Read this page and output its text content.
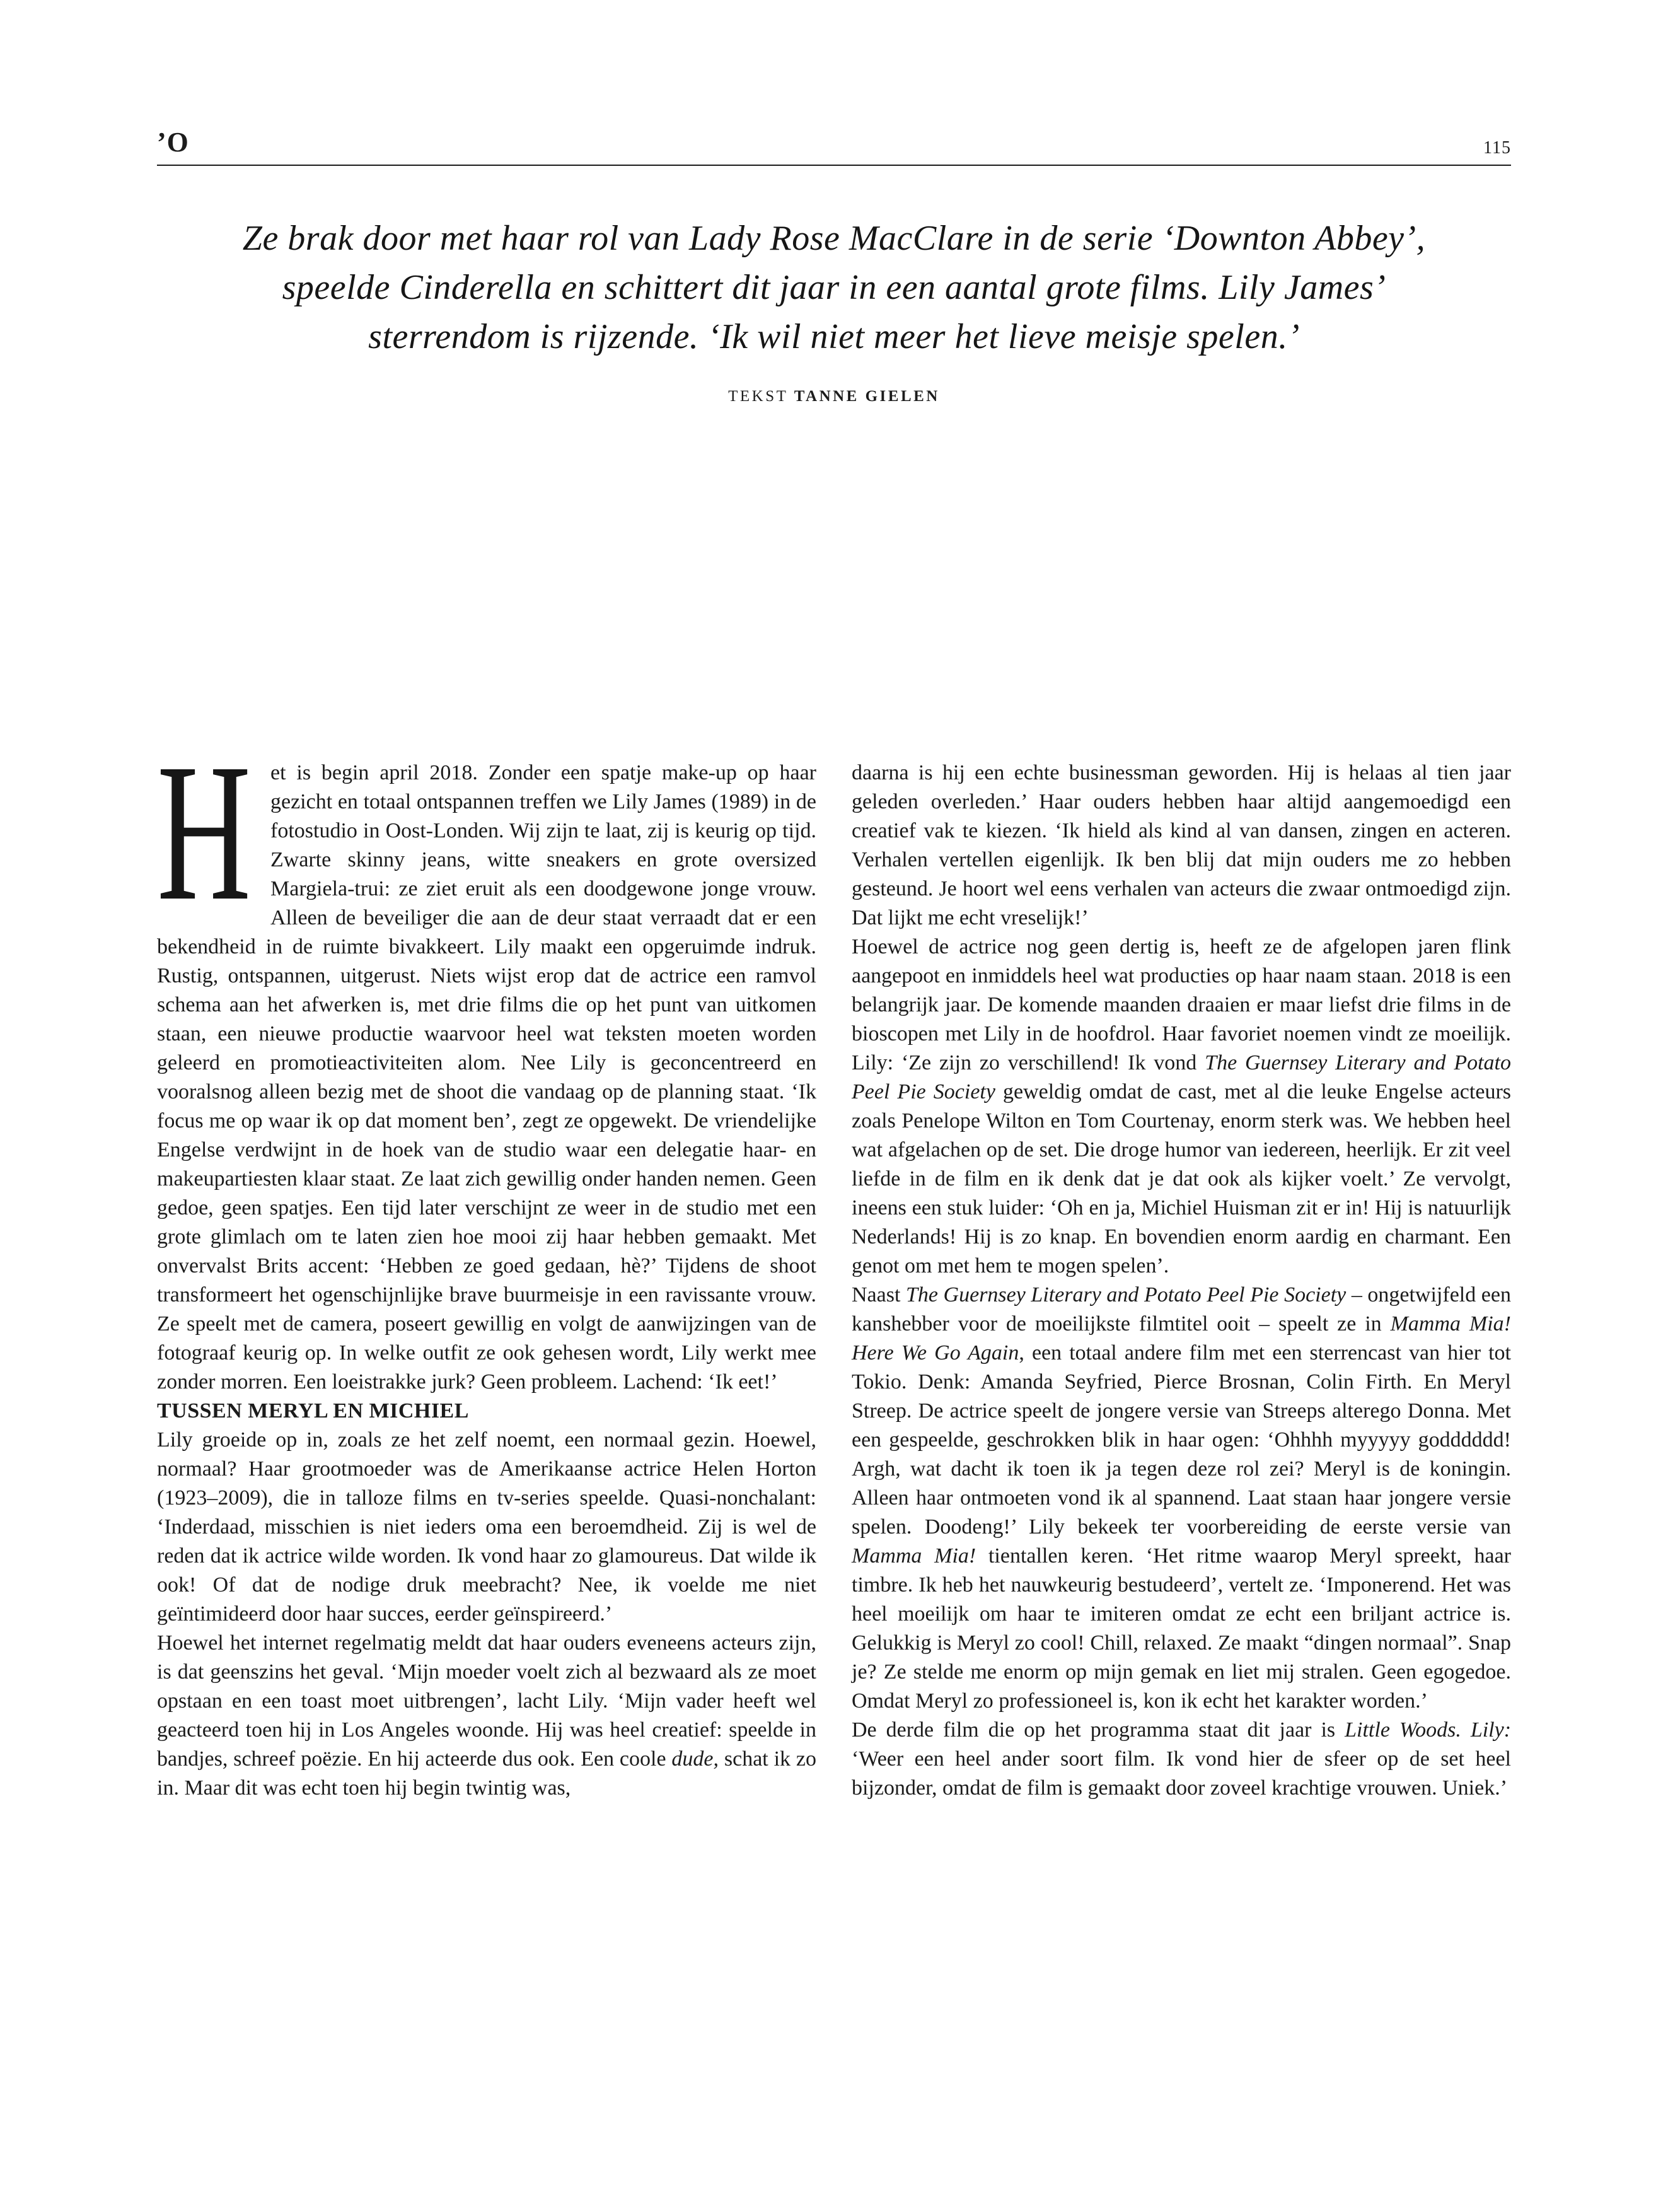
’O	115
Ze brak door met haar rol van Lady Rose MacClare in de serie ‘Downton Abbey’,
speelde Cinderella en schittert dit jaar in een aantal grote films. Lily James’
sterrendom is rijzende. ‘Ik wil niet meer het lieve meisje spelen.’
TEKST TANNE GIELEN

H et is begin april 2018. Zonder een spatje make-up op haar gezicht en totaal ontspannen treffen we Lily James (1989) in de fotostudio in Oost-Londen. Wij zijn te laat, zij is keurig op tijd. Zwarte skinny jeans, witte sneakers en grote oversized Margiela-trui: ze ziet eruit als een doodgewone jonge vrouw. Alleen de beveiliger die aan de deur staat verraadt dat er een bekendheid in de ruimte bivakkeert. Lily maakt een opgeruimde indruk. Rustig, ontspannen, uitgerust. Niets wijst erop dat de actrice een ramvol schema aan het afwerken is, met drie films die op het punt van uitkomen staan, een nieuwe productie waarvoor heel wat teksten moeten worden geleerd en promotieactiviteiten alom. Nee Lily is geconcentreerd en vooralsnog alleen bezig met de shoot die vandaag op de planning staat. ‘Ik focus me op waar ik op dat moment ben’, zegt ze opgewekt. De vriendelijke Engelse verdwijnt in de hoek van de studio waar een delegatie haar- en makeupartiesten klaar staat. Ze laat zich gewillig onder handen nemen. Geen gedoe, geen spatjes. Een tijd later verschijnt ze weer in de studio met een grote glimlach om te laten zien hoe mooi zij haar hebben gemaakt. Met onvervalst Brits accent: ‘Hebben ze goed gedaan, hè?’ Tijdens de shoot transformeert het ogenschijnlijke brave buurmeisje in een ravissante vrouw. Ze speelt met de camera, poseert gewillig en volgt de aanwijzingen van de fotograaf keurig op. In welke outfit ze ook gehesen wordt, Lily werkt mee zonder morren. Een loeistrakke jurk? Geen probleem. Lachend: ‘Ik eet!’

TUSSEN MERYL EN MICHIEL

Lily groeide op in, zoals ze het zelf noemt, een normaal gezin. Hoewel, normaal? Haar grootmoeder was de Amerikaanse actrice Helen Horton (1923–2009), die in talloze films en tv-series speelde. Quasi-nonchalant: ‘Inderdaad, misschien is niet ieders oma een beroemdheid. Zij is wel de reden dat ik actrice wilde worden. Ik vond haar zo glamoureus. Dat wilde ik ook! Of dat de nodige druk meebracht? Nee, ik voelde me niet geïntimideerd door haar succes, eerder geïnspireerd.’

Hoewel het internet regelmatig meldt dat haar ouders eveneens acteurs zijn, is dat geenszins het geval. ‘Mijn moeder voelt zich al bezwaard als ze moet opstaan en een toast moet uitbrengen’, lacht Lily. ‘Mijn vader heeft wel geacteerd toen hij in Los Angeles woonde. Hij was heel creatief: speelde in bandjes, schreef poëzie. En hij acteerde dus ook. Een coole dude, schat ik zo in. Maar dit was echt toen hij begin twintig was,

daarna is hij een echte businessman geworden. Hij is helaas al tien jaar geleden overleden.’ Haar ouders hebben haar altijd aangemoedigd een creatief vak te kiezen. ‘Ik hield als kind al van dansen, zingen en acteren. Verhalen vertellen eigenlijk. Ik ben blij dat mijn ouders me zo hebben gesteund. Je hoort wel eens verhalen van acteurs die zwaar ontmoedigd zijn. Dat lijkt me echt vreselijk!’

Hoewel de actrice nog geen dertig is, heeft ze de afgelopen jaren flink aangepoot en inmiddels heel wat producties op haar naam staan. 2018 is een belangrijk jaar. De komende maanden draaien er maar liefst drie films in de bioscopen met Lily in de hoofdrol. Haar favoriet noemen vindt ze moeilijk. Lily: ‘Ze zijn zo verschillend! Ik vond The Guernsey Literary and Potato Peel Pie Society geweldig omdat de cast, met al die leuke Engelse acteurs zoals Penelope Wilton en Tom Courtenay, enorm sterk was. We hebben heel wat afgelachen op de set. Die droge humor van iedereen, heerlijk. Er zit veel liefde in de film en ik denk dat je dat ook als kijker voelt.’ Ze vervolgt, ineens een stuk luider: ‘Oh en ja, Michiel Huisman zit er in! Hij is natuurlijk Nederlands! Hij is zo knap. En bovendien enorm aardig en charmant. Een genot om met hem te mogen spelen’.

Naast The Guernsey Literary and Potato Peel Pie Society – ongetwijfeld een kanshebber voor de moeilijkste filmtitel ooit – speelt ze in Mamma Mia! Here We Go Again, een totaal andere film met een sterrencast van hier tot Tokio. Denk: Amanda Seyfried, Pierce Brosnan, Colin Firth. En Meryl Streep. De actrice speelt de jongere versie van Streeps alterego Donna. Met een gespeelde, geschrokken blik in haar ogen: ‘Ohhhh myyyyy godddddd! Argh, wat dacht ik toen ik ja tegen deze rol zei? Meryl is de koningin. Alleen haar ontmoeten vond ik al spannend. Laat staan haar jongere versie spelen. Doodeng!’ Lily bekeek ter voorbereiding de eerste versie van Mamma Mia! tientallen keren. ‘Het ritme waarop Meryl spreekt, haar timbre. Ik heb het nauwkeurig bestudeerd’, vertelt ze. ‘Imponerend. Het was heel moeilijk om haar te imiteren omdat ze echt een briljant actrice is. Gelukkig is Meryl zo cool! Chill, relaxed. Ze maakt “dingen normaal”. Snap je? Ze stelde me enorm op mijn gemak en liet mij stralen. Geen egogedoe. Omdat Meryl zo professioneel is, kon ik echt het karakter worden.’

De derde film die op het programma staat dit jaar is Little Woods. Lily: ‘Weer een heel ander soort film. Ik vond hier de sfeer op de set heel bijzonder, omdat de film is gemaakt door zoveel krachtige vrouwen. Uniek.’
